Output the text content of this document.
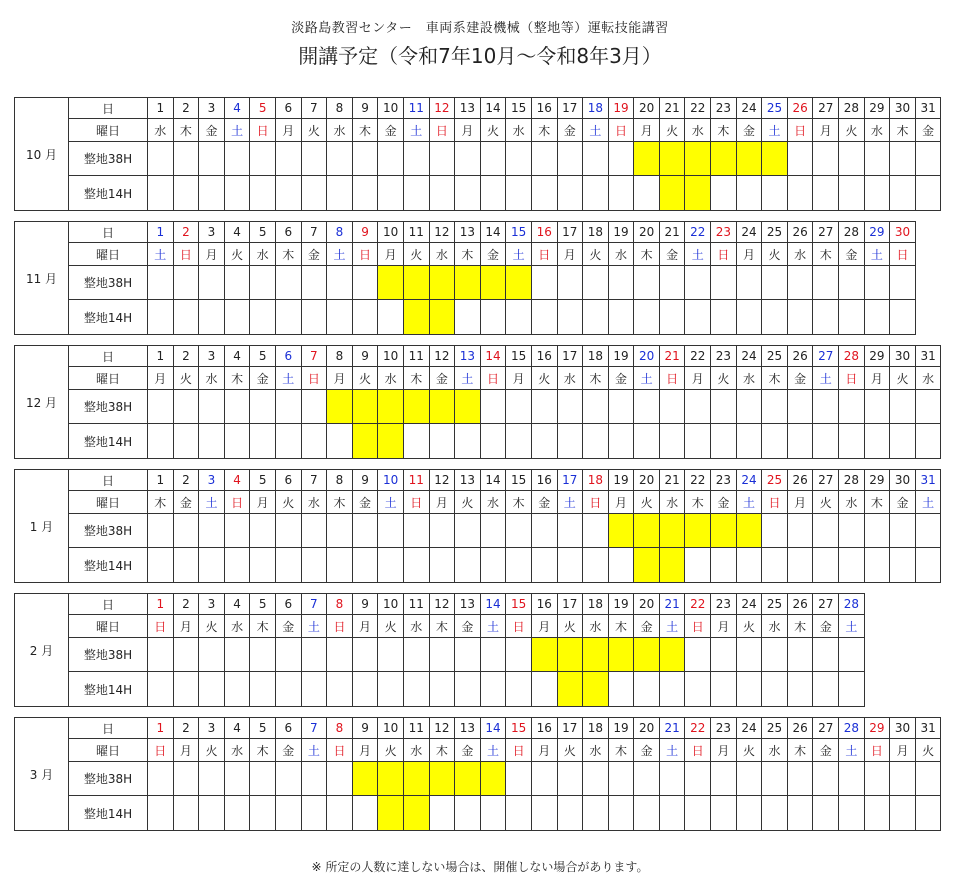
淡路島教習センター　車両系建設機械（整地等）運転技能講習
開講予定（令和7年10月～令和8年3月）
10 月	日	1	2	3	4	5	6	7	8	9	10	11	12	13	14	15	16	17	18	19	20	21	22	23	24	25	26	27	28	29	30	31
	曜日	水	木	金	土	日	月	火	水	木	金	土	日	月	火	水	木	金	土	日	月	火	水	木	金	土	日	月	火	水	木	金
	整地38H																															
	整地14H																															
11 月	日	1	2	3	4	5	6	7	8	9	10	11	12	13	14	15	16	17	18	19	20	21	22	23	24	25	26	27	28	29	30	
	曜日	土	日	月	火	水	木	金	土	日	月	火	水	木	金	土	日	月	火	水	木	金	土	日	月	火	水	木	金	土	日	
	整地38H																															
	整地14H																															
12 月	日	1	2	3	4	5	6	7	8	9	10	11	12	13	14	15	16	17	18	19	20	21	22	23	24	25	26	27	28	29	30	31
	曜日	月	火	水	木	金	土	日	月	火	水	木	金	土	日	月	火	水	木	金	土	日	月	火	水	木	金	土	日	月	火	水
	整地38H																															
	整地14H																															
1 月	日	1	2	3	4	5	6	7	8	9	10	11	12	13	14	15	16	17	18	19	20	21	22	23	24	25	26	27	28	29	30	31
	曜日	木	金	土	日	月	火	水	木	金	土	日	月	火	水	木	金	土	日	月	火	水	木	金	土	日	月	火	水	木	金	土
	整地38H																															
	整地14H																															
2 月	日	1	2	3	4	5	6	7	8	9	10	11	12	13	14	15	16	17	18	19	20	21	22	23	24	25	26	27	28			
	曜日	日	月	火	水	木	金	土	日	月	火	水	木	金	土	日	月	火	水	木	金	土	日	月	火	水	木	金	土			
	整地38H																															
	整地14H																															
3 月	日	1	2	3	4	5	6	7	8	9	10	11	12	13	14	15	16	17	18	19	20	21	22	23	24	25	26	27	28	29	30	31
	曜日	日	月	火	水	木	金	土	日	月	火	水	木	金	土	日	月	火	水	木	金	土	日	月	火	水	木	金	土	日	月	火
	整地38H																															
	整地14H																															
※ 所定の人数に達しない場合は、開催しない場合があります。
